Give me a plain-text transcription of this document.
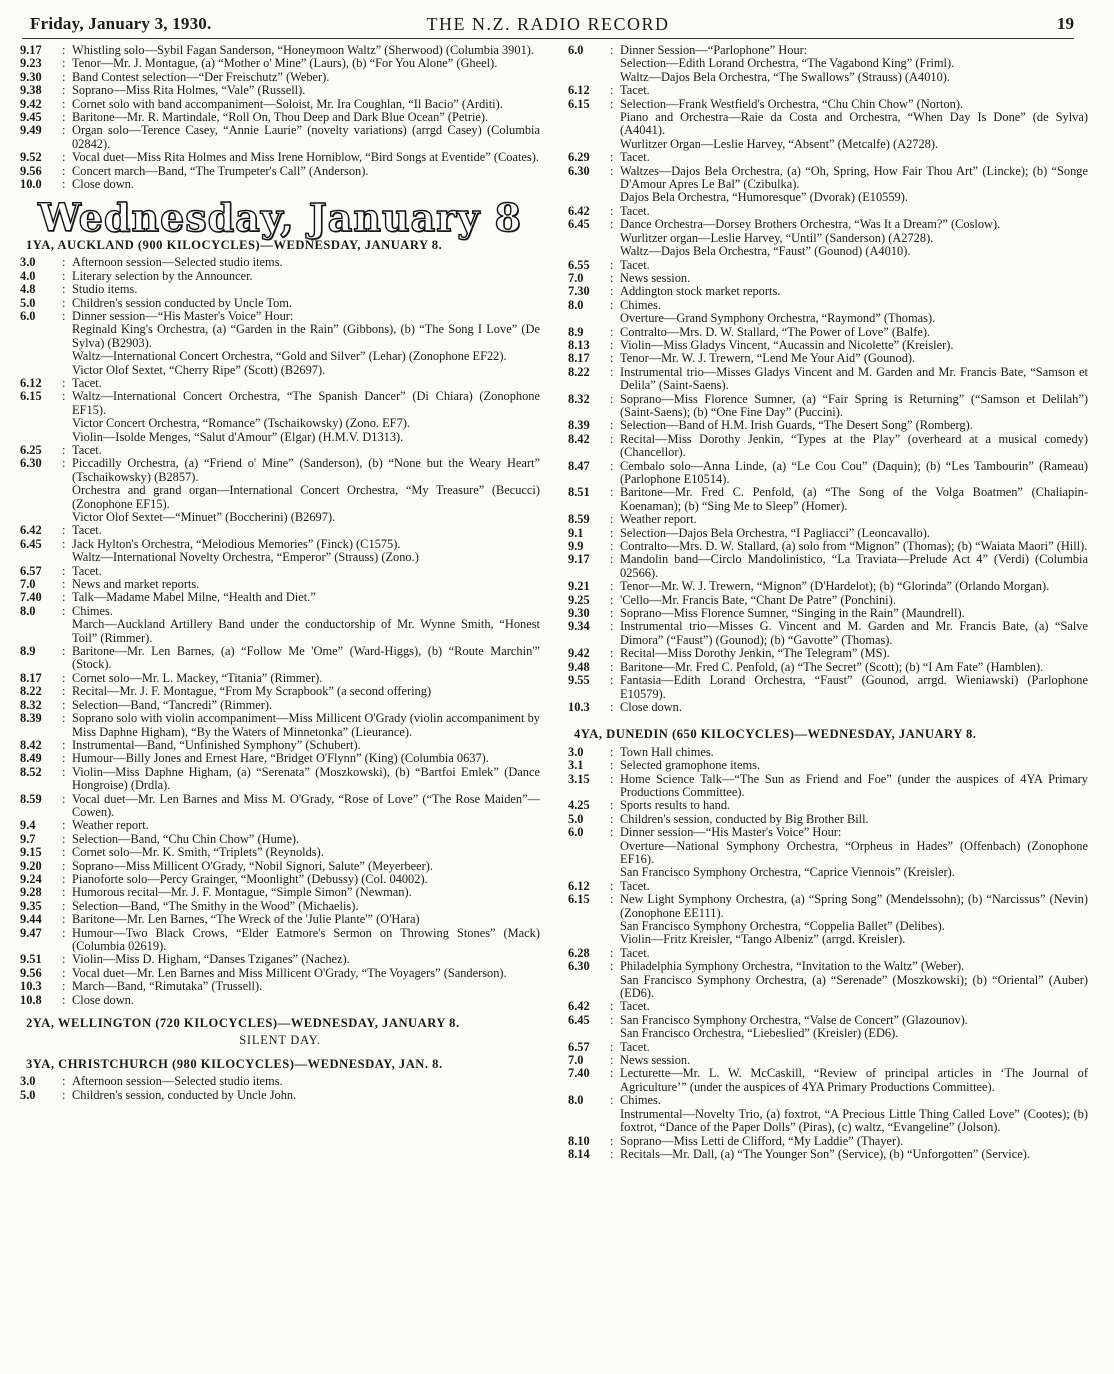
Friday, January 3, 1930.	THE N.Z. RADIO RECORD	19
9.17	: Whistling solo—Sybil Fagan Sanderson, “Honeymoon Waltz” (Sherwood) (Columbia 3901).
9.23	: Tenor—Mr. J. Montague, (a) “Mother o' Mine” (Laurs), (b) “For You Alone” (Gheel).
9.30	: Band Contest selection—“Der Freischutz” (Weber).
9.38	: Soprano—Miss Rita Holmes, “Vale” (Russell).
9.42	: Cornet solo with band accompaniment—Soloist, Mr. Ira Coughlan, “Il Bacio” (Arditi).
9.45	: Baritone—Mr. R. Martindale, “Roll On, Thou Deep and Dark Blue Ocean” (Petrie).
9.49	: Organ solo—Terence Casey, “Annie Laurie” (novelty variations) (arrgd Casey) (Columbia 02842).
9.52	: Vocal duet—Miss Rita Holmes and Miss Irene Horniblow, “Bird Songs at Eventide” (Coates).
9.56	: Concert march—Band, “The Trumpeter's Call” (Anderson).
10.0	: Close down.
Wednesday, January 8
1YA, AUCKLAND (900 KILOCYCLES)—WEDNESDAY, JANUARY 8.
3.0	: Afternoon session—Selected studio items.
4.0	: Literary selection by the Announcer.
4.8	: Studio items.
5.0	: Children's session conducted by Uncle Tom.
6.0	: Dinner session—“His Master's Voice” Hour:
Reginald King's Orchestra, (a) “Garden in the Rain” (Gibbons), (b) “The Song I Love” (De Sylva) (B2903).
Waltz—International Concert Orchestra, “Gold and Silver” (Lehar) (Zonophone EF22).
Victor Olof Sextet, “Cherry Ripe” (Scott) (B2697).
6.12	: Tacet.
6.15	: Waltz—International Concert Orchestra, “The Spanish Dancer” (Di Chiara) (Zonophone EF15).
Victor Concert Orchestra, “Romance” (Tschaikowsky) (Zono. EF7).
Violin—Isolde Menges, “Salut d'Amour” (Elgar) (H.M.V. D1313).
6.25	: Tacet.
6.30	: Piccadilly Orchestra, (a) “Friend o' Mine” (Sanderson), (b) “None but the Weary Heart” (Tschaikowsky) (B2857).
Orchestra and grand organ—International Concert Orchestra, “My Treasure” (Becucci) (Zonophone EF15).
Victor Olof Sextet—“Minuet” (Boccherini) (B2697).
6.42	: Tacet.
6.45	: Jack Hylton's Orchestra, “Melodious Memories” (Finck) (C1575).
Waltz—International Novelty Orchestra, “Emperor” (Strauss) (Zono.)
6.57	: Tacet.
7.0	: News and market reports.
7.40	: Talk—Madame Mabel Milne, “Health and Diet.”
8.0	: Chimes.
March—Auckland Artillery Band under the conductorship of Mr. Wynne Smith, “Honest Toil” (Rimmer).
8.9	: Baritone—Mr. Len Barnes, (a) “Follow Me 'Ome” (Ward-Higgs), (b) “Route Marchin'” (Stock).
8.17	: Cornet solo—Mr. L. Mackey, “Titania” (Rimmer).
8.22	: Recital—Mr. J. F. Montague, “From My Scrapbook” (a second offering)
8.32	: Selection—Band, “Tancredi” (Rimmer).
8.39	: Soprano solo with violin accompaniment—Miss Millicent O'Grady (violin accompaniment by Miss Daphne Higham), “By the Waters of Minnetonka” (Lieurance).
8.42	: Instrumental—Band, “Unfinished Symphony” (Schubert).
8.49	: Humour—Billy Jones and Ernest Hare, “Bridget O'Flynn” (King) (Columbia 0637).
8.52	: Violin—Miss Daphne Higham, (a) “Serenata” (Moszkowski), (b) “Bartfoi Emlek” (Dance Hongroise) (Drdla).
8.59	: Vocal duet—Mr. Len Barnes and Miss M. O'Grady, “Rose of Love” (“The Rose Maiden”—Cowen).
9.4	: Weather report.
9.7	: Selection—Band, “Chu Chin Chow” (Hume).
9.15	: Cornet solo—Mr. K. Smith, “Triplets” (Reynolds).
9.20	: Soprano—Miss Millicent O'Grady, “Nobil Signori, Salute” (Meyerbeer).
9.24	: Pianoforte solo—Percy Grainger, “Moonlight” (Debussy) (Col. 04002).
9.28	: Humorous recital—Mr. J. F. Montague, “Simple Simon” (Newman).
9.35	: Selection—Band, “The Smithy in the Wood” (Michaelis).
9.44	: Baritone—Mr. Len Barnes, “The Wreck of the 'Julie Plante'” (O'Hara)
9.47	: Humour—Two Black Crows, “Elder Eatmore's Sermon on Throwing Stones” (Mack) (Columbia 02619).
9.51	: Violin—Miss D. Higham, “Danses Tziganes” (Nachez).
9.56	: Vocal duet—Mr. Len Barnes and Miss Millicent O'Grady, “The Voyagers” (Sanderson).
10.3	: March—Band, “Rimutaka” (Trussell).
10.8	: Close down.
2YA, WELLINGTON (720 KILOCYCLES)—WEDNESDAY, JANUARY 8.
SILENT DAY.
3YA, CHRISTCHURCH (980 KILOCYCLES)—WEDNESDAY, JAN. 8.
3.0	: Afternoon session—Selected studio items.
5.0	: Children's session, conducted by Uncle John.
6.0	: Dinner Session—“Parlophone” Hour:
Selection—Edith Lorand Orchestra, “The Vagabond King” (Friml).
Waltz—Dajos Bela Orchestra, “The Swallows” (Strauss) (A4010).
6.12	: Tacet.
6.15	: Selection—Frank Westfield's Orchestra, “Chu Chin Chow” (Norton).
Piano and Orchestra—Raie da Costa and Orchestra, “When Day Is Done” (de Sylva) (A4041).
Wurlitzer Organ—Leslie Harvey, “Absent” (Metcalfe) (A2728).
6.29	: Tacet.
6.30	: Waltzes—Dajos Bela Orchestra, (a) “Oh, Spring, How Fair Thou Art” (Lincke); (b) “Songe D'Amour Apres Le Bal” (Czibulka).
Dajos Bela Orchestra, “Humoresque” (Dvorak) (E10559).
6.42	: Tacet.
6.45	: Dance Orchestra—Dorsey Brothers Orchestra, “Was It a Dream?” (Coslow).
Wurlitzer organ—Leslie Harvey, “Until” (Sanderson) (A2728).
Waltz—Dajos Bela Orchestra, “Faust” (Gounod) (A4010).
6.55	: Tacet.
7.0	: News session.
7.30	: Addington stock market reports.
8.0	: Chimes.
Overture—Grand Symphony Orchestra, “Raymond” (Thomas).
8.9	: Contralto—Mrs. D. W. Stallard, “The Power of Love” (Balfe).
8.13	: Violin—Miss Gladys Vincent, “Aucassin and Nicolette” (Kreisler).
8.17	: Tenor—Mr. W. J. Trewern, “Lend Me Your Aid” (Gounod).
8.22	: Instrumental trio—Misses Gladys Vincent and M. Garden and Mr. Francis Bate, “Samson et Delila” (Saint-Saens).
8.32	: Soprano—Miss Florence Sumner, (a) “Fair Spring is Returning” (“Samson et Delilah”) (Saint-Saens); (b) “One Fine Day” (Puccini).
8.39	: Selection—Band of H.M. Irish Guards, “The Desert Song” (Romberg).
8.42	: Recital—Miss Dorothy Jenkin, “Types at the Play” (overheard at a musical comedy) (Chancellor).
8.47	: Cembalo solo—Anna Linde, (a) “Le Cou Cou” (Daquin); (b) “Les Tambourin” (Rameau) (Parlophone E10514).
8.51	: Baritone—Mr. Fred C. Penfold, (a) “The Song of the Volga Boatmen” (Chaliapin-Koenaman); (b) “Sing Me to Sleep” (Homer).
8.59	: Weather report.
9.1	: Selection—Dajos Bela Orchestra, “I Pagliacci” (Leoncavallo).
9.9	: Contralto—Mrs. D. W. Stallard, (a) solo from “Mignon” (Thomas); (b) “Waiata Maori” (Hill).
9.17	: Mandolin band—Circlo Mandolinistico, “La Traviata—Prelude Act 4” (Verdi) (Columbia 02566).
9.21	: Tenor—Mr. W. J. Trewern, “Mignon” (D'Hardelot); (b) “Glorinda” (Orlando Morgan).
9.25	: 'Cello—Mr. Francis Bate, “Chant De Patre” (Ponchini).
9.30	: Soprano—Miss Florence Sumner, “Singing in the Rain” (Maundrell).
9.34	: Instrumental trio—Misses G. Vincent and M. Garden and Mr. Francis Bate, (a) “Salve Dimora” (“Faust”) (Gounod); (b) “Gavotte” (Thomas).
9.42	: Recital—Miss Dorothy Jenkin, “The Telegram” (MS).
9.48	: Baritone—Mr. Fred C. Penfold, (a) “The Secret” (Scott); (b) “I Am Fate” (Hamblen).
9.55	: Fantasia—Edith Lorand Orchestra, “Faust” (Gounod, arrgd. Wieniawski) (Parlophone E10579).
10.3	: Close down.
4YA, DUNEDIN (650 KILOCYCLES)—WEDNESDAY, JANUARY 8.
3.0	: Town Hall chimes.
3.1	: Selected gramophone items.
3.15	: Home Science Talk—“The Sun as Friend and Foe” (under the auspices of 4YA Primary Productions Committee).
4.25	: Sports results to hand.
5.0	: Children's session, conducted by Big Brother Bill.
6.0	: Dinner session—“His Master's Voice” Hour:
Overture—National Symphony Orchestra, “Orpheus in Hades” (Offenbach) (Zonophone EF16).
San Francisco Symphony Orchestra, “Caprice Viennois” (Kreisler).
6.12	: Tacet.
6.15	: New Light Symphony Orchestra, (a) “Spring Song” (Mendelssohn); (b) “Narcissus” (Nevin) (Zonophone EE111).
San Francisco Symphony Orchestra, “Coppelia Ballet” (Delibes).
Violin—Fritz Kreisler, “Tango Albeniz” (arrgd. Kreisler).
6.28	: Tacet.
6.30	: Philadelphia Symphony Orchestra, “Invitation to the Waltz” (Weber).
San Francisco Symphony Orchestra, (a) “Serenade” (Moszkowski); (b) “Oriental” (Auber) (ED6).
6.42	: Tacet.
6.45	: San Francisco Symphony Orchestra, “Valse de Concert” (Glazounov).
San Francisco Orchestra, “Liebeslied” (Kreisler) (ED6).
6.57	: Tacet.
7.0	: News session.
7.40	: Lecturette—Mr. L. W. McCaskill, “Review of principal articles in ‘The Journal of Agriculture’” (under the auspices of 4YA Primary Productions Committee).
8.0	: Chimes.
Instrumental—Novelty Trio, (a) foxtrot, “A Precious Little Thing Called Love” (Cootes); (b) foxtrot, “Dance of the Paper Dolls” (Piras), (c) waltz, “Evangeline” (Jolson).
8.10	: Soprano—Miss Letti de Clifford, “My Laddie” (Thayer).
8.14	: Recitals—Mr. Dall, (a) “The Younger Son” (Service), (b) “Unforgotten” (Service).
